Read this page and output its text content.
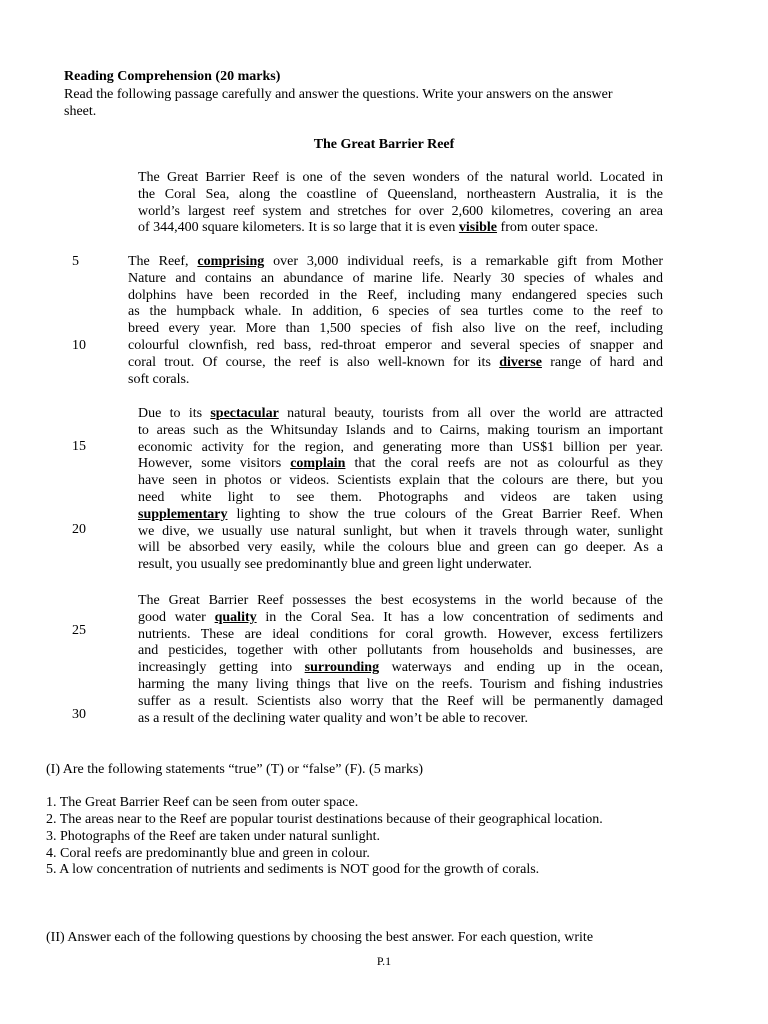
Reading Comprehension (20 marks)
Read the following passage carefully and answer the questions. Write your answers on the answer
sheet.
The Great Barrier Reef
The Great Barrier Reef is one of the seven wonders of the natural world. Located in
the Coral Sea, along the coastline of Queensland, northeastern Australia, it is the
world’s largest reef system and stretches for over 2,600 kilometres, covering an area
of 344,400 square kilometers. It is so large that it is even visible from outer space.
The Reef, comprising over 3,000 individual reefs, is a remarkable gift from Mother
Nature and contains an abundance of marine life. Nearly 30 species of whales and
dolphins have been recorded in the Reef, including many endangered species such
as the humpback whale. In addition, 6 species of sea turtles come to the reef to
breed every year. More than 1,500 species of fish also live on the reef, including
colourful clownfish, red bass, red-throat emperor and several species of snapper and
coral trout. Of course, the reef is also well-known for its diverse range of hard and
soft corals.
Due to its spectacular natural beauty, tourists from all over the world are attracted
to areas such as the Whitsunday Islands and to Cairns, making tourism an important
economic activity for the region, and generating more than US$1 billion per year.
However, some visitors complain that the coral reefs are not as colourful as they
have seen in photos or videos. Scientists explain that the colours are there, but you
need white light to see them. Photographs and videos are taken using
supplementary lighting to show the true colours of the Great Barrier Reef. When
we dive, we usually use natural sunlight, but when it travels through water, sunlight
will be absorbed very easily, while the colours blue and green can go deeper. As a
result, you usually see predominantly blue and green light underwater.
The Great Barrier Reef possesses the best ecosystems in the world because of the
good water quality in the Coral Sea. It has a low concentration of sediments and
nutrients. These are ideal conditions for coral growth. However, excess fertilizers
and pesticides, together with other pollutants from households and businesses, are
increasingly getting into surrounding waterways and ending up in the ocean,
harming the many living things that live on the reefs. Tourism and fishing industries
suffer as a result. Scientists also worry that the Reef will be permanently damaged
as a result of the declining water quality and won’t be able to recover.
5
10
15
20
25
30
(I) Are the following statements “true” (T) or “false” (F). (5 marks)
1. The Great Barrier Reef can be seen from outer space.
2. The areas near to the Reef are popular tourist destinations because of their geographical location.
3. Photographs of the Reef are taken under natural sunlight.
4. Coral reefs are predominantly blue and green in colour.
5. A low concentration of nutrients and sediments is NOT good for the growth of corals.
(II) Answer each of the following questions by choosing the best answer. For each question, write
P.1
